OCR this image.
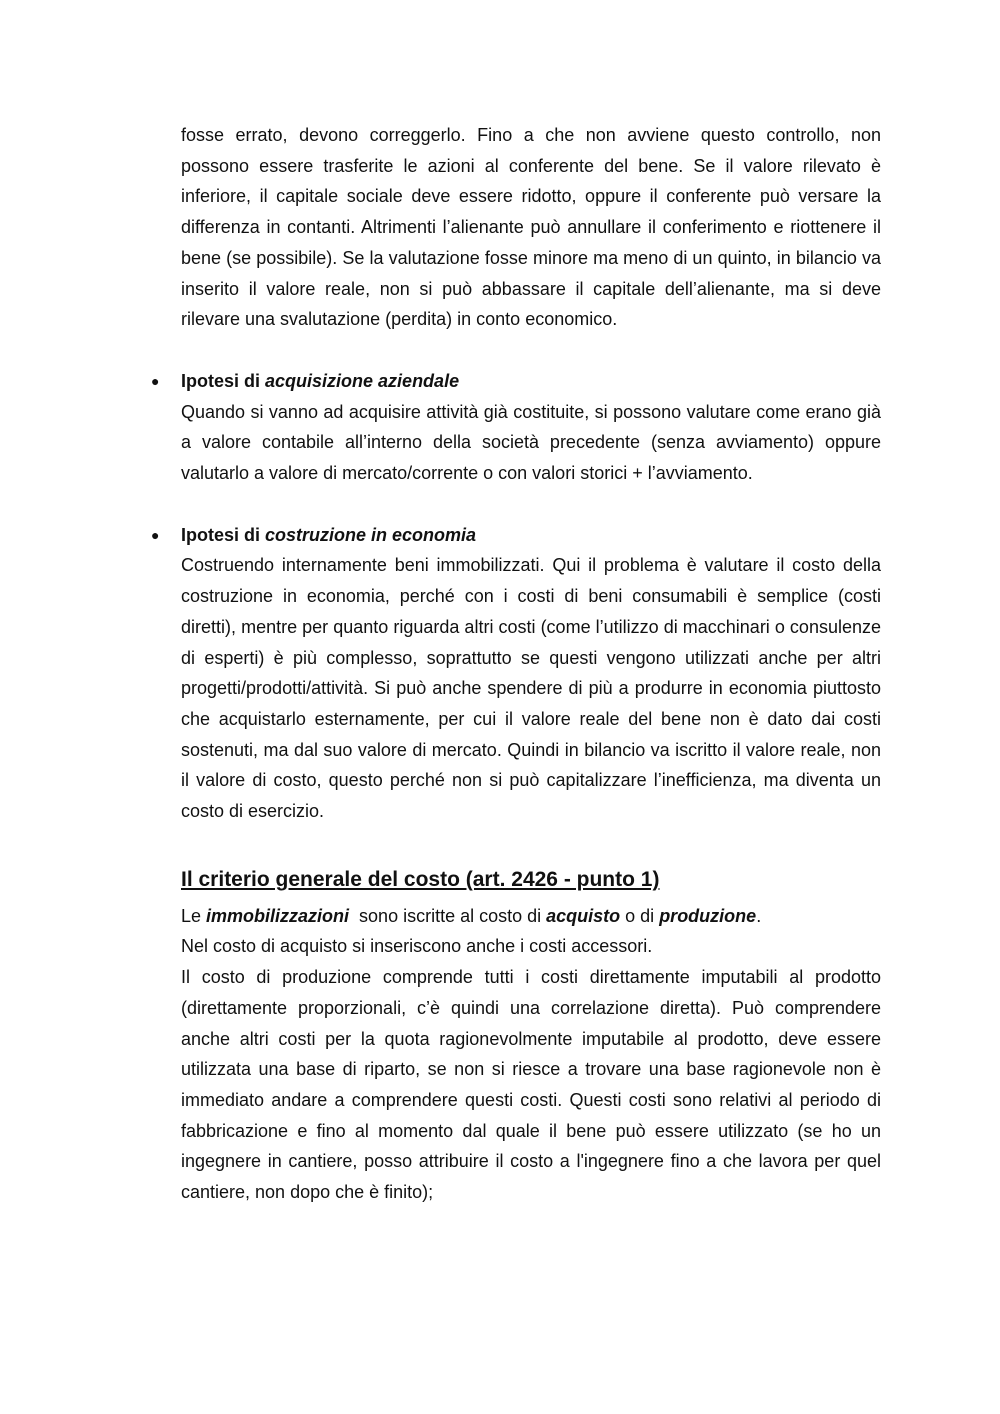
fosse errato, devono correggerlo. Fino a che non avviene questo controllo, non possono essere trasferite le azioni al conferente del bene. Se il valore rilevato è inferiore, il capitale sociale deve essere ridotto, oppure il conferente può versare la differenza in contanti. Altrimenti l’alienante può annullare il conferimento e riottenere il bene (se possibile). Se la valutazione fosse minore ma meno di un quinto, in bilancio va inserito il valore reale, non si può abbassare il capitale dell’alienante, ma si deve rilevare una svalutazione (perdita) in conto economico.

● Ipotesi di acquisizione aziendale

Quando si vanno ad acquisire attività già costituite, si possono valutare come erano già a valore contabile all’interno della società precedente (senza avviamento) oppure valutarlo a valore di mercato/corrente o con valori storici + l’avviamento.

● Ipotesi di costruzione in economia

Costruendo internamente beni immobilizzati. Qui il problema è valutare il costo della costruzione in economia, perché con i costi di beni consumabili è semplice (costi diretti), mentre per quanto riguarda altri costi (come l’utilizzo di macchinari o consulenze di esperti) è più complesso, soprattutto se questi vengono utilizzati anche per altri progetti/prodotti/attività. Si può anche spendere di più a produrre in economia piuttosto che acquistarlo esternamente, per cui il valore reale del bene non è dato dai costi sostenuti, ma dal suo valore di mercato. Quindi in bilancio va iscritto il valore reale, non il valore di costo, questo perché non si può capitalizzare l’inefficienza, ma diventa un costo di esercizio.

Il criterio generale del costo (art. 2426 - punto 1)

Le immobilizzazioni  sono iscritte al costo di acquisto o di produzione.

Nel costo di acquisto si inseriscono anche i costi accessori.

Il costo di produzione comprende tutti i costi direttamente imputabili al prodotto (direttamente proporzionali, c’è quindi una correlazione diretta). Può comprendere anche altri costi per la quota ragionevolmente imputabile al prodotto, deve essere utilizzata una base di riparto, se non si riesce a trovare una base ragionevole non è immediato andare a comprendere questi costi. Questi costi sono relativi al periodo di fabbricazione e fino al momento dal quale il bene può essere utilizzato (se ho un ingegnere in cantiere, posso attribuire il costo a l'ingegnere fino a che lavora per quel cantiere, non dopo che è finito);
